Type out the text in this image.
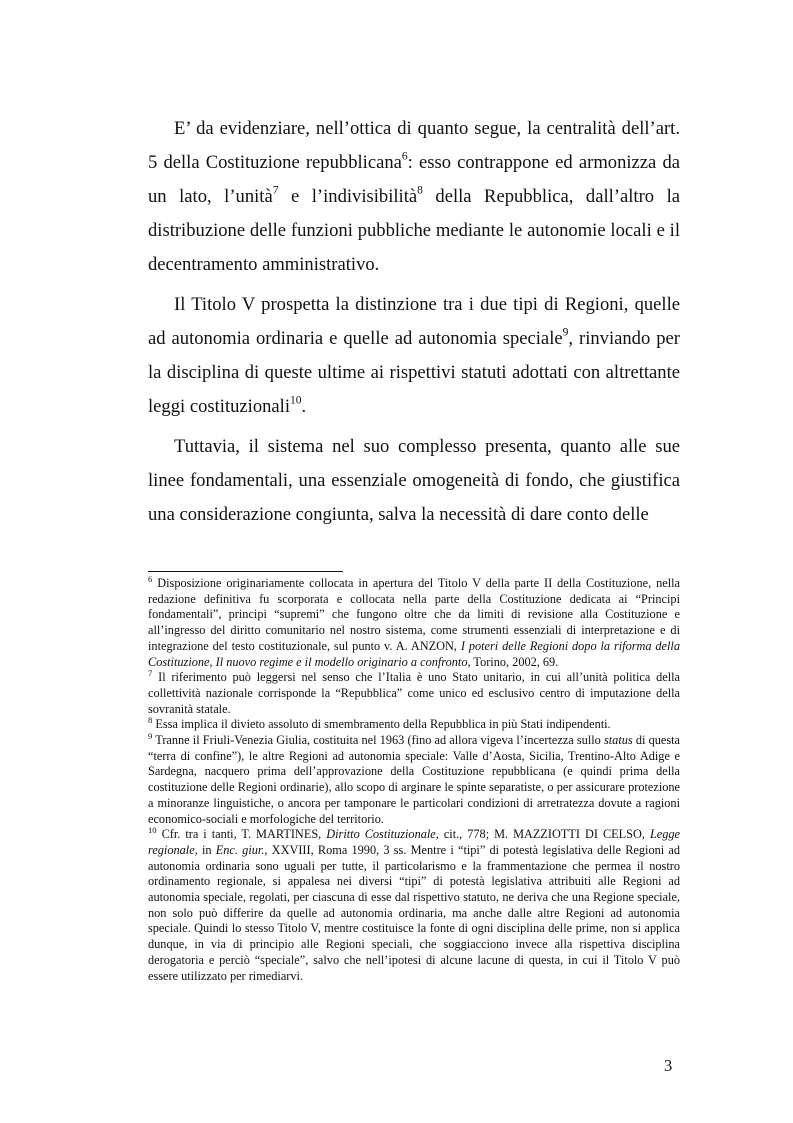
E’ da evidenziare, nell’ottica di quanto segue, la centralità dell’art. 5 della Costituzione repubblicana$^6$: esso contrappone ed armonizza da un lato, l’unità$^7$ e l’indivisibilità$^8$ della Repubblica, dall’altro la distribuzione delle funzioni pubbliche mediante le autonomie locali e il decentramento amministrativo.

Il Titolo V prospetta la distinzione tra i due tipi di Regioni, quelle ad autonomia ordinaria e quelle ad autonomia speciale$^9$, rinviando per la disciplina di queste ultime ai rispettivi statuti adottati con altrettante leggi costituzionali$^{10}$.

Tuttavia, il sistema nel suo complesso presenta, quanto alle sue linee fondamentali, una essenziale omogeneità di fondo, che giustifica una considerazione congiunta, salva la necessità di dare conto delle

$^6$ Disposizione originariamente collocata in apertura del Titolo V della parte II della Costituzione, nella redazione definitiva fu scorporata e collocata nella parte della Costituzione dedicata ai “Principi fondamentali”, principi “supremi” che fungono oltre che da limiti di revisione alla Costituzione e all’ingresso del diritto comunitario nel nostro sistema, come strumenti essenziali di interpretazione e di integrazione del testo costituzionale, sul punto v. A. ANZON, I poteri delle Regioni dopo la riforma della Costituzione, Il nuovo regime e il modello originario a confronto, Torino, 2002, 69.

$^7$ Il riferimento può leggersi nel senso che l’Italia è uno Stato unitario, in cui all’unità politica della collettività nazionale corrisponde la “Repubblica” come unico ed esclusivo centro di imputazione della sovranità statale.

$^8$ Essa implica il divieto assoluto di smembramento della Repubblica in più Stati indipendenti.

$^9$ Tranne il Friuli-Venezia Giulia, costituita nel 1963 (fino ad allora vigeva l’incertezza sullo status di questa “terra di confine”), le altre Regioni ad autonomia speciale: Valle d’Aosta, Sicilia, Trentino-Alto Adige e Sardegna, nacquero prima dell’approvazione della Costituzione repubblicana (e quindi prima della costituzione delle Regioni ordinarie), allo scopo di arginare le spinte separatiste, o per assicurare protezione a minoranze linguistiche, o ancora per tamponare le particolari condizioni di arretratezza dovute a ragioni economico-sociali e morfologiche del territorio.

$^{10}$ Cfr. tra i tanti, T. MARTINES, Diritto Costituzionale, cit., 778; M. MAZZIOTTI DI CELSO, Legge regionale, in Enc. giur., XXVIII, Roma 1990, 3 ss. Mentre i “tipi” di potestà legislativa delle Regioni ad autonomia ordinaria sono uguali per tutte, il particolarismo e la frammentazione che permea il nostro ordinamento regionale, si appalesa nei diversi “tipi” di potestà legislativa attribuiti alle Regioni ad autonomia speciale, regolati, per ciascuna di esse dal rispettivo statuto, ne deriva che una Regione speciale, non solo può differire da quelle ad autonomia ordinaria, ma anche dalle altre Regioni ad autonomia speciale. Quindi lo stesso Titolo V, mentre costituisce la fonte di ogni disciplina delle prime, non si applica dunque, in via di principio alle Regioni speciali, che soggiacciono invece alla rispettiva disciplina derogatoria e perciò “speciale”, salvo che nell’ipotesi di alcune lacune di questa, in cui il Titolo V può essere utilizzato per rimediarvi.

3
